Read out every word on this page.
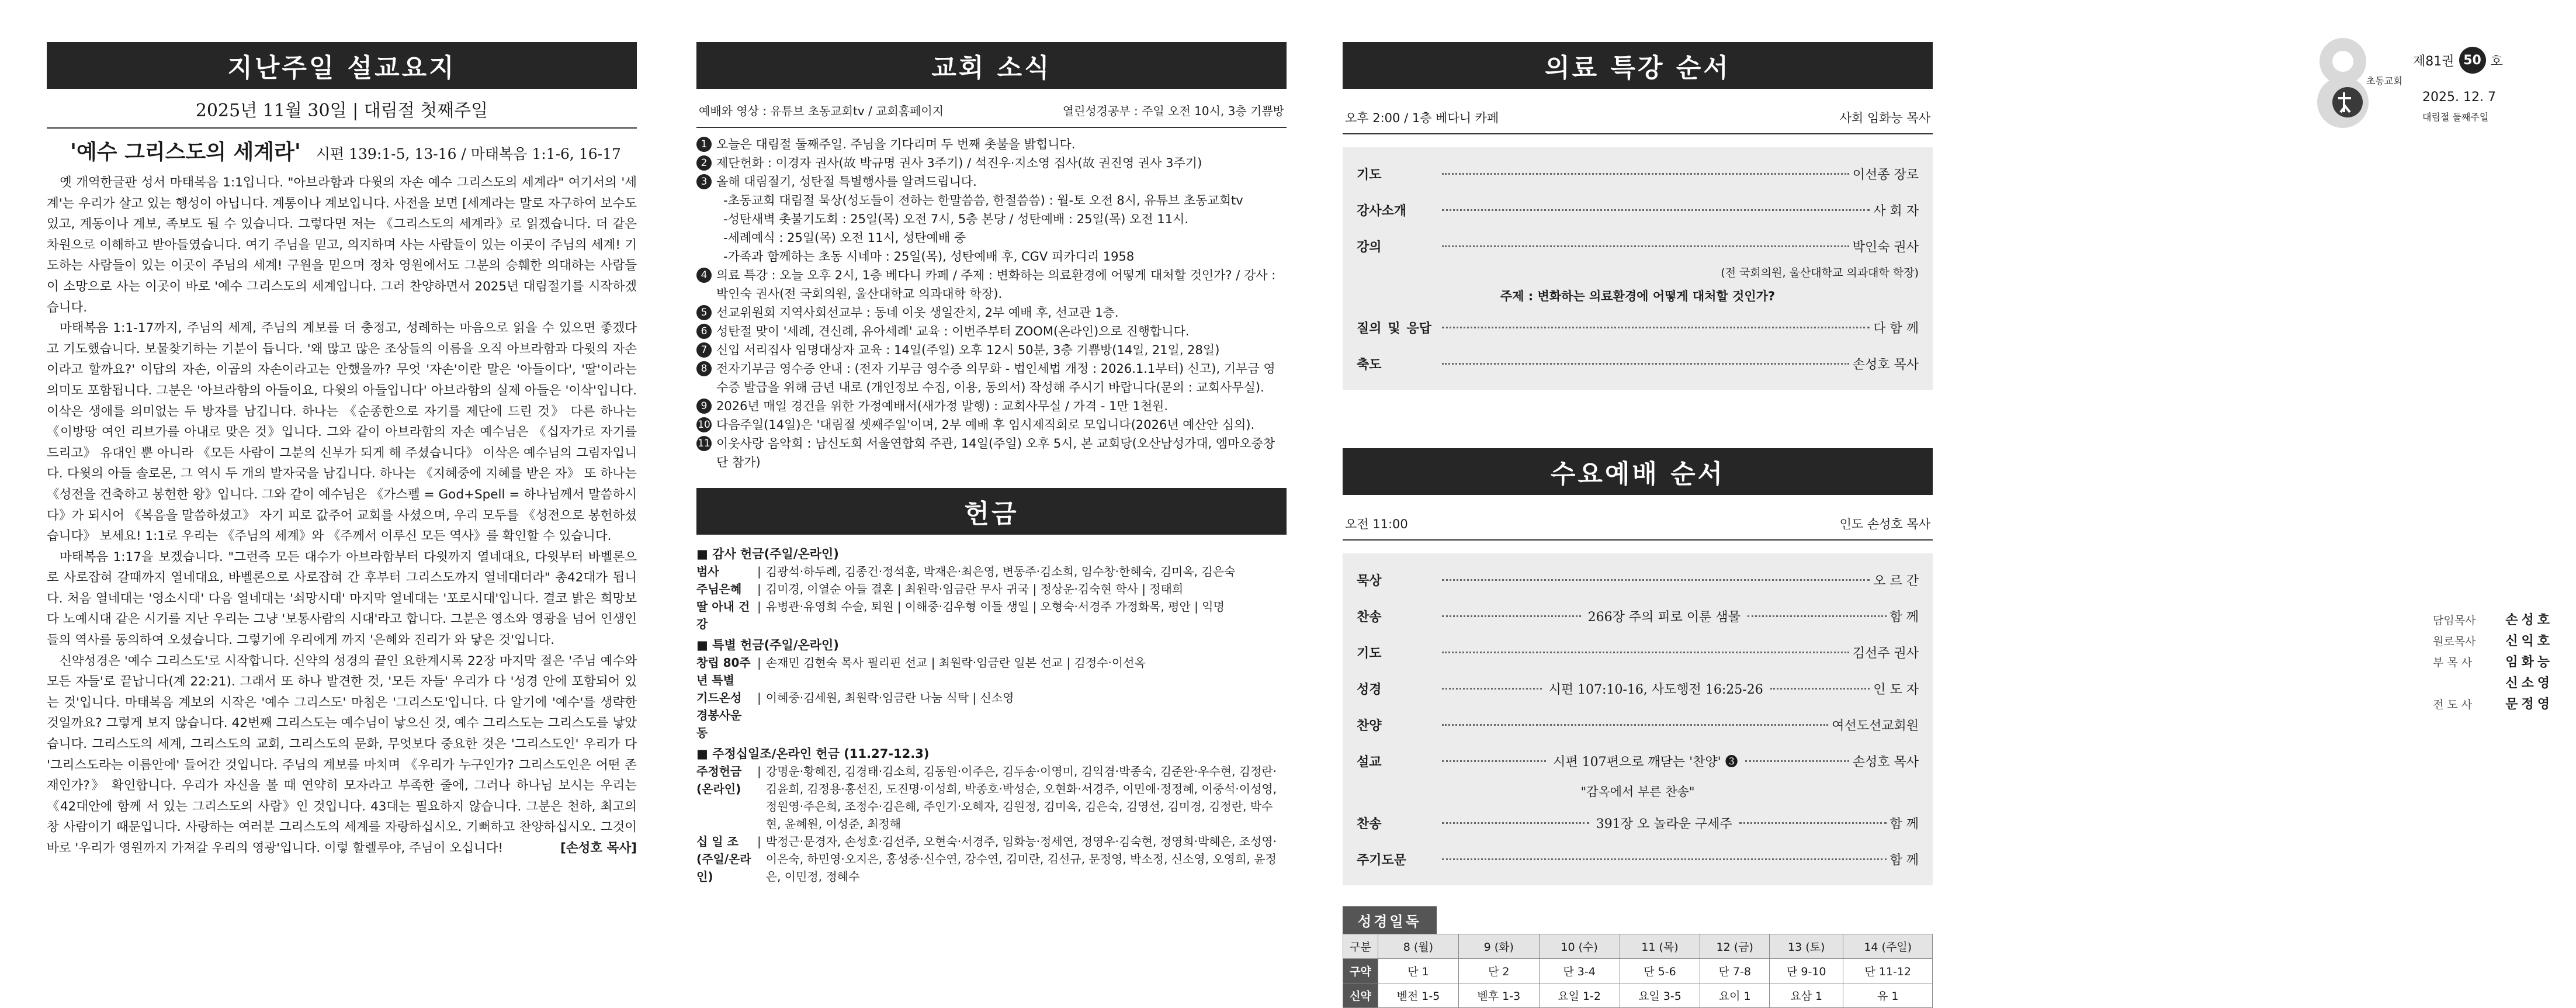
지난주일 설교요지
2025년 11월 30일 | 대림절 첫째주일
'예수 그리스도의 세계라' 시편 139:1-5, 13-16 / 마태복음 1:1-6, 16-17

옛 개역한글판 성서 마태복음 1:1입니다. "아브라함과 다윗의 자손 예수 그리스도의 세계라" 여기서의 '세계'는 우리가 살고 있는 행성이 아닙니다. 계통이나 계보입니다. 사전을 보면 [세계라는 말로 자구하여 보수도 있고, 계동이나 계보, 족보도 될 수 있습니다. 그렇다면 저는 《그리스도의 세계라》로 읽겠습니다. 더 같은 차원으로 이해하고 받아들였습니다. 여기 주님을 믿고, 의지하며 사는 사람들이 있는 이곳이 주님의 세계! 기도하는 사람들이 있는 이곳이 주님의 세계! 구원을 믿으며 정차 영원에서도 그분의 승훼한 의대하는 사람들이 소망으로 사는 이곳이 바로 '예수 그리스도의 세계입니다. 그러 찬양하면서 2025년 대림절기를 시작하겠습니다.

마태복음 1:1-17까지, 주님의 세계, 주님의 계보를 더 충정고, 성례하는 마음으로 읽을 수 있으면 좋겠다고 기도했습니다. 보물찾기하는 기분이 듭니다. '왜 많고 많은 조상들의 이름을 오직 아브라함과 다윗의 자손이라고 할까요?' 이답의 자손, 이곱의 자손이라고는 안했을까? 무엇 '자손'이란 말은 '아들이다', '딸'이라는 의미도 포함됩니다. 그분은 '아브라함의 아들이요, 다윗의 아들입니다' 아브라함의 실제 아들은 '이삭'입니다. 이삭은 생애를 의미없는 두 방자를 남깁니다. 하나는 《순종한으로 자기를 제단에 드린 것》 다른 하나는 《이방땅 여인 리브가를 아내로 맞은 것》입니다. 그와 같이 아브라함의 자손 예수님은 《십자가로 자기를 드리고》 유대인 뿐 아니라 《모든 사람이 그분의 신부가 되게 해 주셨습니다》 이삭은 예수님의 그림자입니다. 다윗의 아들 솔로몬, 그 역시 두 개의 발자국을 남깁니다. 하나는 《지혜중에 지혜를 받은 자》 또 하나는 《성전을 건축하고 봉헌한 왕》입니다. 그와 같이 예수님은 《가스펠 = God+Spell = 하나님께서 말씀하시다》가 되시어 《복음을 말씀하셨고》 자기 피로 값주어 교회를 사셨으며, 우리 모두를 《성전으로 봉헌하셨습니다》 보세요! 1:1로 우리는 《주님의 세계》와 《주께서 이루신 모든 역사》를 확인할 수 있습니다.

마태복음 1:17을 보겠습니다. "그런즉 모든 대수가 아브라함부터 다윗까지 열네대요, 다윗부터 바벨론으로 사로잡혀 갈때까지 열네대요, 바벨론으로 사로잡혀 간 후부터 그리스도까지 열네대더라" 총42대가 됩니다. 처음 열네대는 '영소시대' 다음 열네대는 '쇠망시대' 마지막 열네대는 '포로시대'입니다. 결코 밝은 희망보다 노예시대 같은 시기를 지난 우리는 그냥 '보통사람의 시대'라고 합니다. 그분은 영소와 영광을 넘어 인생인들의 역사를 동의하여 오셨습니다. 그렇기에 우리에게 까지 '은혜와 진리가 와 닿은 것'입니다.

신약성경은 '예수 그리스도'로 시작합니다. 신약의 성경의 끝인 요한계시록 22장 마지막 절은 '주님 예수와 모든 자들'로 끝납니다(계 22:21). 그래서 또 하나 발견한 것, '모든 자들' 우리가 다 '성경 안에 포함되어 있는 것'입니다. 마태복음 계보의 시작은 '예수 그리스도' 마침은 '그리스도'입니다. 다 알기에 '예수'를 생략한 것일까요? 그렇게 보지 않습니다. 42번째 그리스도는 예수님이 낳으신 것, 예수 그리스도는 그리스도를 낳았습니다. 그리스도의 세계, 그리스도의 교회, 그리스도의 문화, 무엇보다 중요한 것은 '그리스도인' 우리가 다 '그리스도라는 이름안에' 들어간 것입니다. 주님의 계보를 마치며 《우리가 누구인가? 그리스도인은 어떤 존재인가?》 확인합니다. 우리가 자신을 볼 때 연약히 모자라고 부족한 줄에, 그러나 하나님 보시는 우리는 《42대안에 함께 서 있는 그리스도의 사람》인 것입니다. 43대는 필요하지 않습니다. 그분은 천하, 최고의 창 사람이기 때문입니다. 사랑하는 여러분 그리스도의 세계를 자랑하십시오. 기뻐하고 찬양하십시오. 그것이 바로 '우리가 영원까지 가져갈 우리의 영광'입니다. 이렇 할렐루야, 주님이 오십니다!	[손성호 목사]

교회 소식
예배와 영상 : 유튜브 초동교회tv / 교회홈페이지	열린성경공부 : 주일 오전 10시, 3층 기쁨방
1 오늘은 대림절 둘째주일. 주님을 기다리며 두 번째 촛불을 밝힙니다.
2 제단헌화 : 이경자 권사(故 박규명 권사 3주기) / 석진우·지소영 집사(故 권진영 권사 3주기)
3 올해 대림절기, 성탄절 특별행사를 알려드립니다.
-초동교회 대림절 묵상(성도들이 전하는 한말씀씀, 한절씀씀) : 월-토 오전 8시, 유튜브 초동교회tv
-성탄새벽 촛불기도회 : 25일(목) 오전 7시, 5층 본당 / 성탄예배 : 25일(목) 오전 11시.
-세례예식 : 25일(목) 오전 11시, 성탄예배 중
-가족과 함께하는 초동 시네마 : 25일(목), 성탄예배 후, CGV 피카디리 1958
4 의료 특강 : 오늘 오후 2시, 1층 베다니 카페 / 주제 : 변화하는 의료환경에 어떻게 대처할 것인가? / 강사 : 박인숙 권사(전 국회의원, 울산대학교 의과대학 학장).
5 선교위원회 지역사회선교부 : 동네 이웃 생일잔치, 2부 예배 후, 선교관 1층.
6 성탄절 맞이 '세례, 견신례, 유아세례' 교육 : 이번주부터 ZOOM(온라인)으로 진행합니다.
7 신입 서리집사 임명대상자 교육 : 14일(주일) 오후 12시 50분, 3층 기쁨방(14일, 21일, 28일)
8 전자기부금 영수증 안내 : (전자 기부금 영수증 의무화 - 법인세법 개정 : 2026.1.1부터) 신고), 기부금 영수증 발급을 위해 금년 내로 (개인정보 수집, 이용, 동의서) 작성해 주시기 바랍니다(문의 : 교회사무실).
9 2026년 매일 경건을 위한 가정예배서(새가정 발행) : 교회사무실 / 가격 - 1만 1천원.
10 다음주일(14일)은 '대림절 셋째주일'이며, 2부 예배 후 임시제직회로 모입니다(2026년 예산안 심의).
11 이웃사랑 음악회 : 남신도회 서울연합회 주관, 14일(주일) 오후 5시, 본 교회당(오산남성가대, 엠마오중창단 참가)
헌금
■ 감사 헌금(주일/온라인)
범사	| 김광석·하두례, 김종건·정석훈, 박재은·최은영, 변동주·김소희, 임수창·한혜숙, 김미옥, 김은숙
주님은혜	| 김미경, 이열순 아들 결혼 | 최원락·임금란 무사 귀국 | 정상운·김숙현 학사 | 정태희
딸 아내 건강
| 유병관·유영희 수술, 퇴원 | 이해중·김우형 이들 생일 | 오형숙·서경주 가정화목, 평안 | 익명
■ 특별 헌금(주일/온라인)
창립 80주년 특별
| 손재민 김현숙 목사 필리핀 선교 | 최원락·임금란 일본 선교 | 김정수·이선옥
기드온성경봉사운동
| 이혜중·김세원, 최원락·임금란 나눔 식탁 | 신소영
■ 주정십일조/온라인 헌금 (11.27-12.3)
주정헌금 (온라인)
| 강명운·황혜진, 김경태·김소희, 김동원·이주은, 김두송·이영미, 김익겸·박종숙, 김준완·우수현, 김정란·김윤희, 김정용·홍선진, 도진명·이성희, 박종호·박성순, 오현화·서경주, 이민애·정정혜, 이중석·이성영, 정원영·주은희, 조정수·김은해, 주인기·오혜자, 김원정, 김미옥, 김은숙, 김영선, 김미경, 김정란, 박수현, 윤혜원, 이성준, 최정해
십 일 조 (주일/온라인)
| 박정근·문경자, 손성호·김선주, 오현숙·서경주, 임화능·정세연, 정영우·김숙현, 정영희·박혜은, 조성영·이은숙, 하민영·오지은, 홍성중·신수연, 강수연, 김미란, 김선규, 문정영, 박소정, 신소영, 오영희, 윤정은, 이민정, 정혜수
의료 특강 순서
오후 2:00 / 1층 베다니 카페	사회 임화능 목사
기도	이선종 장로
강사소개	사 회 자
강의	박인숙 권사
(전 국회의원, 울산대학교 의과대학 학장)
주제 : 변화하는 의료환경에 어떻게 대처할 것인가?
질의 및 응답	다 함 께
축도	손성호 목사
수요예배 순서
오전 11:00	인도 손성호 목사
묵상	오 르 간
찬송	266장 주의 피로 이룬 샘물	함 께
기도	김선주 권사
성경	시편 107:10-16, 사도행전 16:25-26	인 도 자
찬양	여선도선교회원
설교	시편 107편으로 깨닫는 '찬양' ❸	손성호 목사
"감옥에서 부른 찬송"
찬송	391장 오 놀라운 구세주	함 께
주기도문	함 께
성경일독
구분	8 (월)	9 (화)	10 (수)	11 (목)	12 (금)	13 (토)	14 (주일)
구약	단 1	단 2	단 3-4	단 5-6	단 7-8	단 9-10	단 11-12
신약	벧전 1-5	벧후 1-3	요일 1-2	요일 3-5	요이 1	요삼 1	유 1
초동교회
제81권 50 호
2025. 12. 7
대림절 둘째주일
담임목사	손성호
원로목사	신익호
부 목 사	임화능
신소영
전 도 사	문정영
